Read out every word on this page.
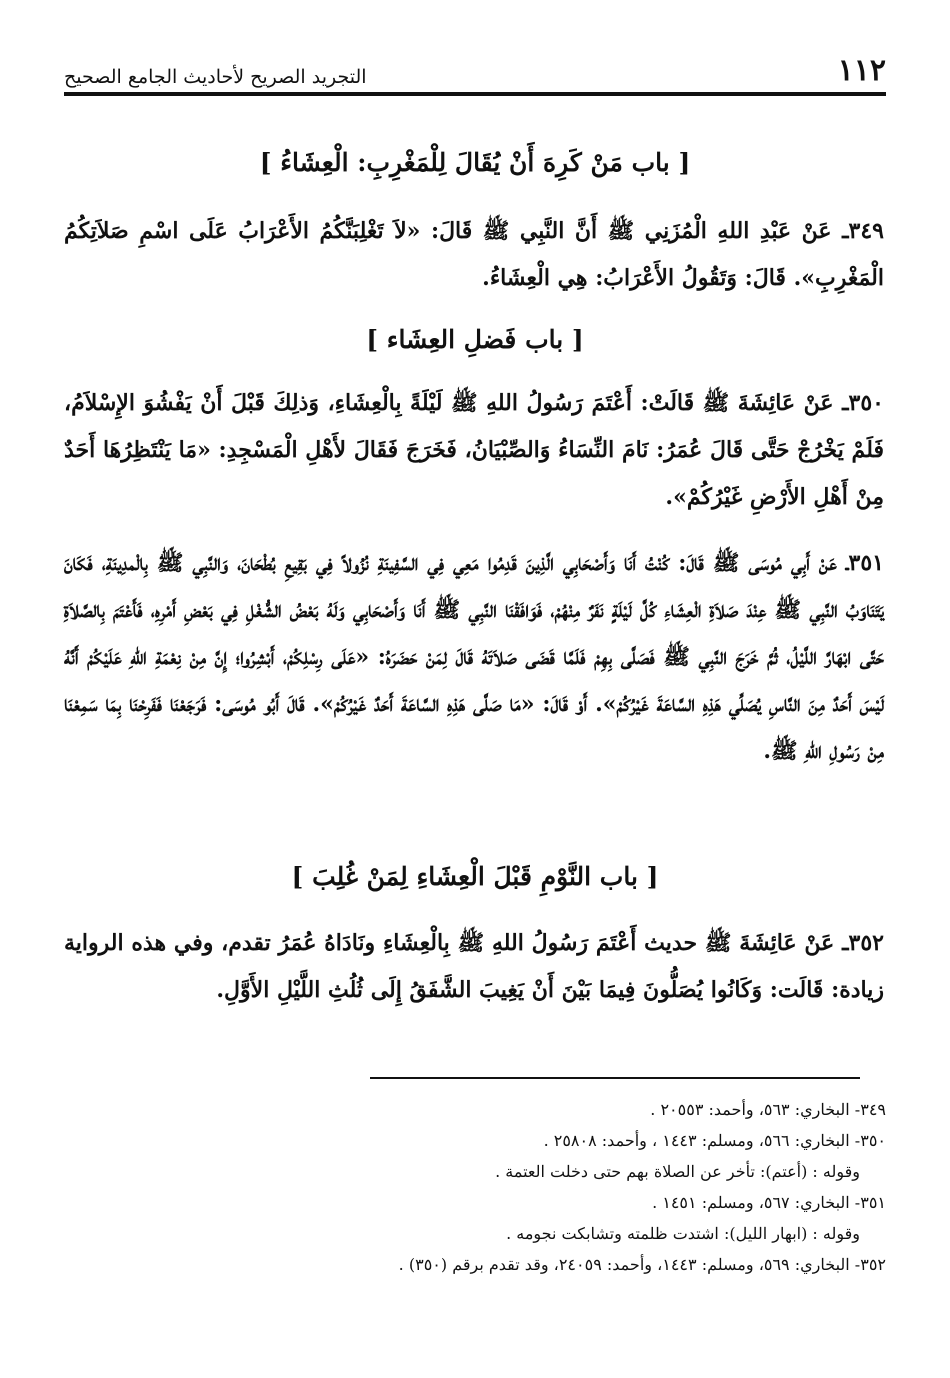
١١٢
التجريد الصريح لأحاديث الجامع الصحيح
[ باب مَنْ كَرِهَ أَنْ يُقَالَ لِلْمَغْرِبِ: الْعِشَاءُ ]
٣٤٩ـ عَنْ عَبْدِ اللهِ الْمُزَنِي ﷺ أَنَّ النَّبِي ﷺ قَالَ: «لاَ تَغْلِبَنَّكُمُ الأَعْرَابُ عَلَى اسْمِ صَلاَتِكُمُ الْمَغْرِبِ». قَالَ: وَتَقُولُ الأَعْرَابُ: هِي الْعِشَاءُ.
[ باب فَضلِ العِشَاء ]
٣٥٠ـ عَنْ عَائِشَةَ ﷺ قَالَتْ: أَعْتَمَ رَسُولُ اللهِ ﷺ لَيْلَةً بِالْعِشَاءِ، وَذلِكَ قَبْلَ أَنْ يَفْشُوَ الإِسْلاَمُ، فَلَمْ يَخْرُجْ حَتَّى قَالَ عُمَرُ: نَامَ النِّسَاءُ وَالصِّبْيَانُ، فَخَرَجَ فَقَالَ لأَهْلِ الْمَسْجِدِ: «مَا يَنْتَظِرُهَا أَحَدٌ مِنْ أَهْلِ الأَرْضِ غَيْرُكُمْ».
٣٥١ـ عَنْ أَبِي مُوسَى ﷺ قَالَ: كُنْتُ أَنَا وَأَصْحَابِي الَّذِينَ قَدِمُوا مَعِي فِي السَّفِينَةِ نُزُولاً فِي بَقِيعِ بُطْحَانَ، وَالنَّبِي ﷺ بِالْمدِينَةِ، فَكَانَ يَتَنَاوَبُ النَّبِي ﷺ عِنْدَ صَلاَةِ الْعِشَاءِ كُلَّ لَيْلَةٍ نَفَرٌ مِنْهُمْ، فَوَافَقْنَا النَّبِي ﷺ أَنَا وَأَصْحَابِي وَلَهُ بَعْضُ الشُّغْلِ فِي بَعْضِ أَمْرِهِ، فَأَعْتَمَ بِالصَّلاَةِ حَتَّى ابْهَارَّ اللَّيْلُ، ثُمَّ خَرَجَ النَّبِي ﷺ فَصَلَّى بِهِمْ فَلَمَّا قَضَى صَلاَتَهُ قَالَ لِمَنْ حَضَرَهُ: «عَلَى رِسْلِكُمْ، أَبْشِرُوا؛ إِنَّ مِنْ نِعْمَةِ اللهِ عَلَيْكُمْ أَنَّهُ لَيْسَ أَحَدٌ مِنَ النَّاسِ يُصَلِّي هَذِهِ السَّاعَةَ غَيْرُكُمْ». أَوْ قَالَ: «مَا صَلَّى هَذِهِ السَّاعَةَ أَحَدٌ غَيْرُكُمْ». قَالَ أَبُو مُوسَى: فَرَجَعْنَا فَفَرِحْنَا بِمَا سَمِعْنَا مِنْ رَسُولِ اللهِ ﷺ.
[ باب النَّوْمِ قَبْلَ الْعِشَاءِ لِمَنْ غُلِبَ ]
٣٥٢ـ عَنْ عَائِشَةَ ﷺ حديث أَعْتَمَ رَسُولُ اللهِ ﷺ بِالْعِشَاءِ ونَادَاهُ عُمَرُ تقدم، وفي هذه الرواية زيادة: قَالَت: وَكَانُوا يُصَلُّونَ فِيمَا بَيْنَ أَنْ يَغِيبَ الشَّفَقُ إِلَى ثُلُثِ اللَّيْلِ الأَوَّلِ.
٣٤٩- البخاري: ٥٦٣، وأحمد: ٢٠٥٥٣ .
٣٥٠- البخاري: ٥٦٦، ومسلم: ١٤٤٣ ، وأحمد: ٢٥٨٠٨ .
وقوله : (أعتم): تأخر عن الصلاة بهم حتى دخلت العتمة .
٣٥١- البخاري: ٥٦٧، ومسلم: ١٤٥١ .
وقوله : (ابهار الليل): اشتدت ظلمته وتشابكت نجومه .
٣٥٢- البخاري: ٥٦٩، ومسلم: ١٤٤٣، وأحمد: ٢٤٠٥٩، وقد تقدم برقم (٣٥٠) .
